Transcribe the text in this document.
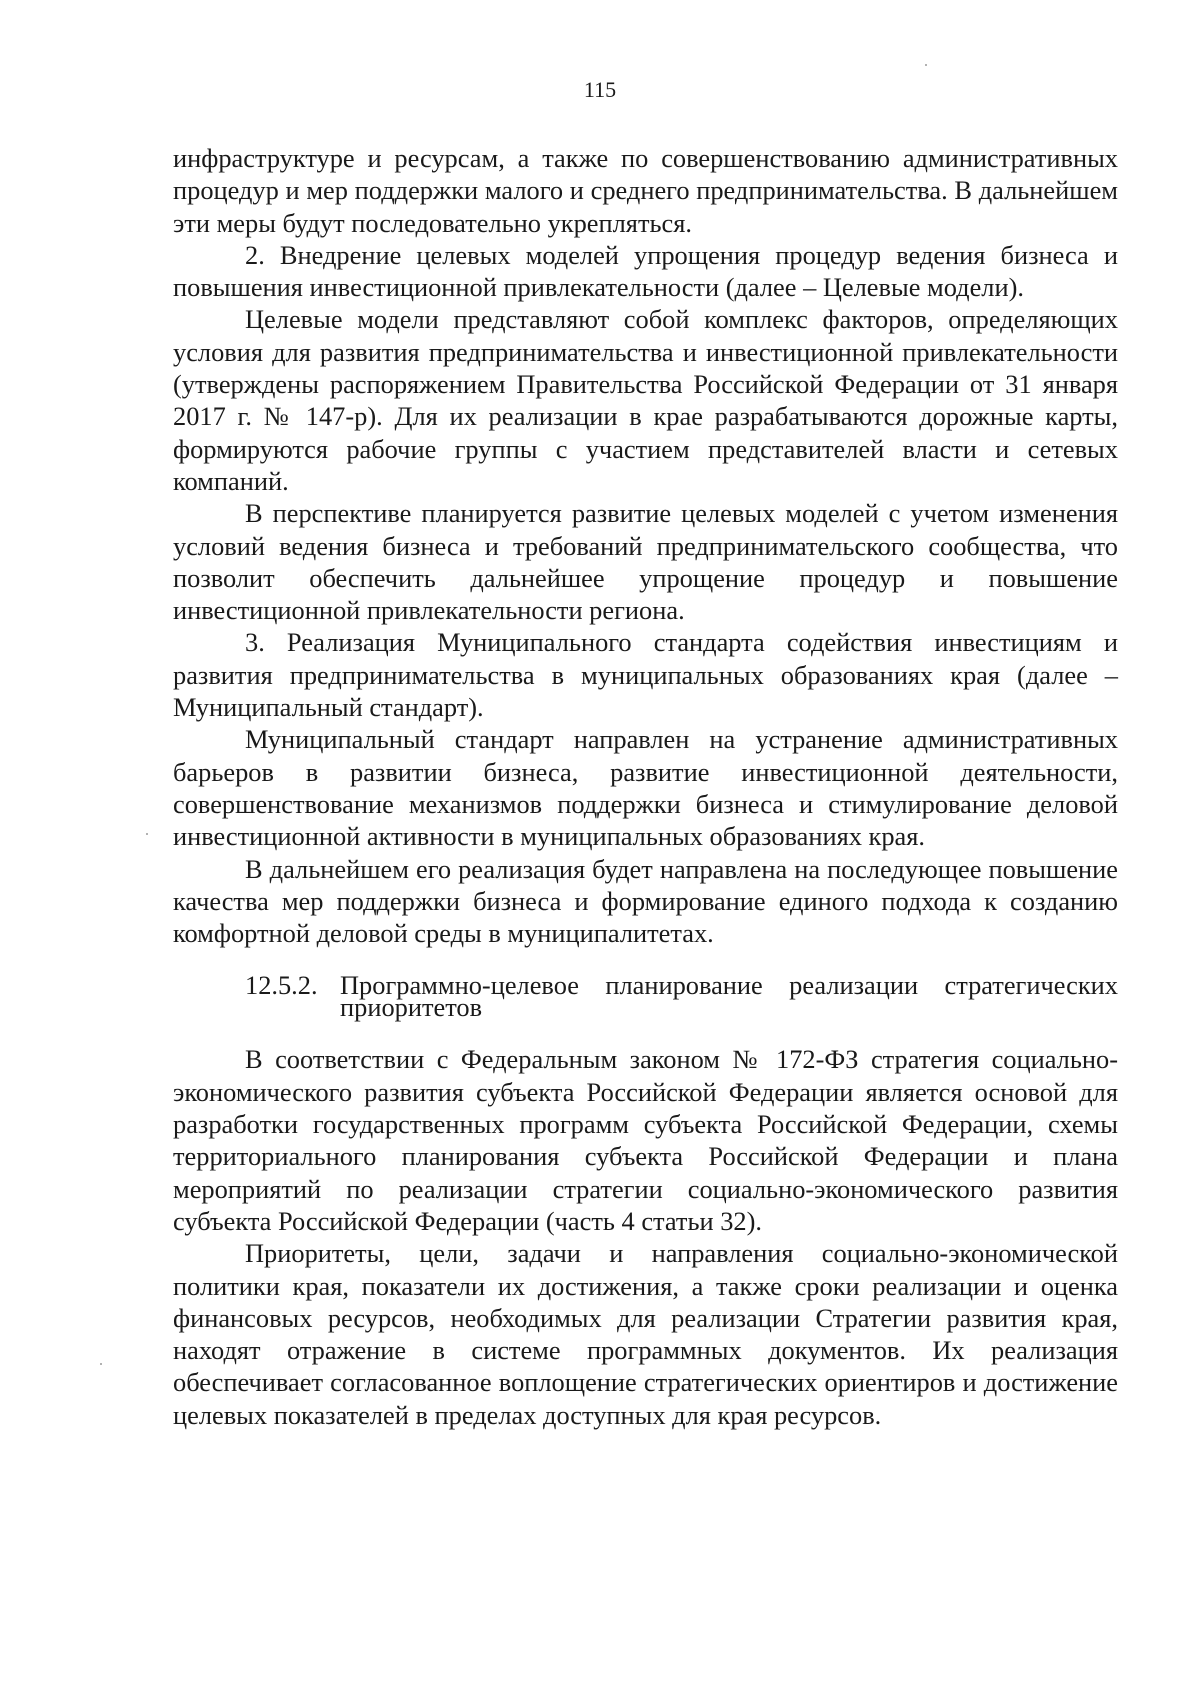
115

инфраструктуре и ресурсам, а также по совершенствованию административных процедур и мер поддержки малого и среднего предпринимательства. В дальнейшем эти меры будут последовательно укрепляться.

2. Внедрение целевых моделей упрощения процедур ведения бизнеса и повышения инвестиционной привлекательности (далее – Целевые модели).

Целевые модели представляют собой комплекс факторов, определяющих условия для развития предпринимательства и инвестиционной привлекательности (утверждены распоряжением Правительства Российской Федерации от 31 января 2017 г. № 147-р). Для их реализации в крае разрабатываются дорожные карты, формируются рабочие группы с участием представителей власти и сетевых компаний.

В перспективе планируется развитие целевых моделей с учетом изменения условий ведения бизнеса и требований предпринимательского сообщества, что позволит обеспечить дальнейшее упрощение процедур и повышение инвестиционной привлекательности региона.

3. Реализация Муниципального стандарта содействия инвестициям и развития предпринимательства в муниципальных образованиях края (далее – Муниципальный стандарт).

Муниципальный стандарт направлен на устранение административных барьеров в развитии бизнеса, развитие инвестиционной деятельности, совершенствование механизмов поддержки бизнеса и стимулирование деловой инвестиционной активности в муниципальных образованиях края.

В дальнейшем его реализация будет направлена на последующее повышение качества мер поддержки бизнеса и формирование единого подхода к созданию комфортной деловой среды в муниципалитетах.

12.5.2. Программно-целевое планирование реализации стратегических приоритетов

В соответствии с Федеральным законом № 172-ФЗ стратегия социально-экономического развития субъекта Российской Федерации является основой для разработки государственных программ субъекта Российской Федерации, схемы территориального планирования субъекта Российской Федерации и плана мероприятий по реализации стратегии социально-экономического развития субъекта Российской Федерации (часть 4 статьи 32).

Приоритеты, цели, задачи и направления социально-экономической политики края, показатели их достижения, а также сроки реализации и оценка финансовых ресурсов, необходимых для реализации Стратегии развития края, находят отражение в системе программных документов. Их реализация обеспечивает согласованное воплощение стратегических ориентиров и достижение целевых показателей в пределах доступных для края ресурсов.
